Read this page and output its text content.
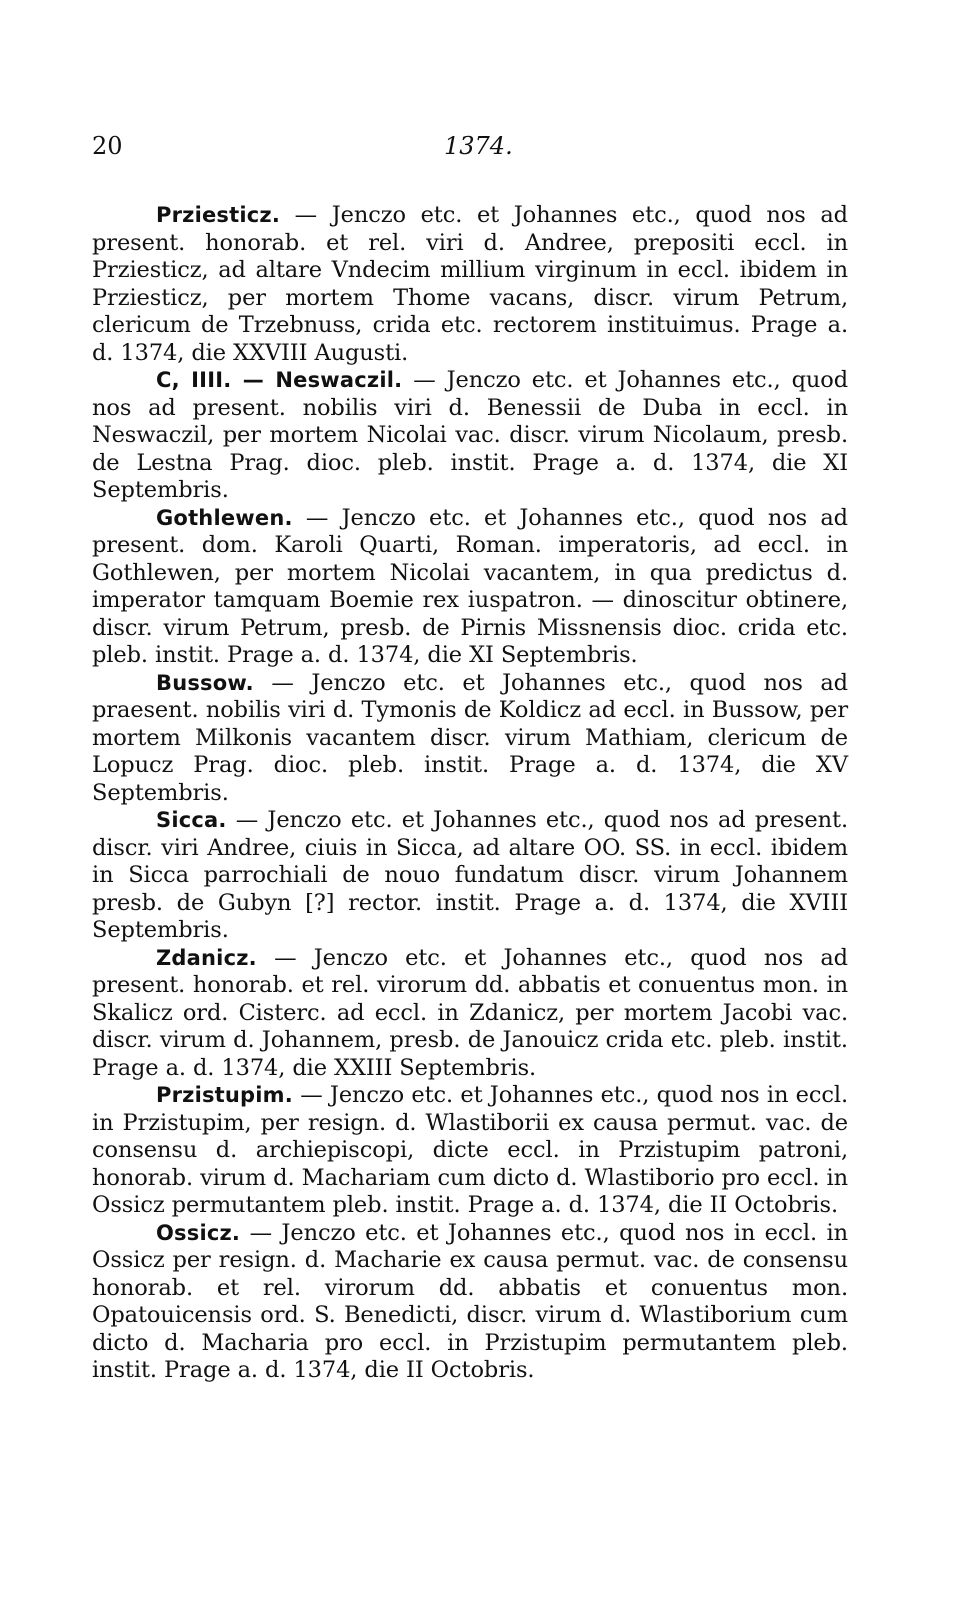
20	1374.

Prziesticz. — Jenczo etc. et Johannes etc., quod nos ad present. honorab. et rel. viri d. Andree, prepositi eccl. in Prziesticz, ad altare Vndecim millium virginum in eccl. ibidem in Prziesticz, per mortem Thome vacans, discr. virum Petrum, clericum de Trzebnuss, crida etc. rectorem instituimus. Prage a. d. 1374, die XXVIII Augusti.

C, IIII. — Neswaczil. — Jenczo etc. et Johannes etc., quod nos ad present. nobilis viri d. Benessii de Duba in eccl. in Neswaczil, per mortem Nicolai vac. discr. virum Nicolaum, presb. de Lestna Prag. dioc. pleb. instit. Prage a. d. 1374, die XI Septembris.

Gothlewen. — Jenczo etc. et Johannes etc., quod nos ad present. dom. Karoli Quarti, Roman. imperatoris, ad eccl. in Gothlewen, per mortem Nicolai vacantem, in qua predictus d. imperator tamquam Boemie rex iuspatron. — dinoscitur obtinere, discr. virum Petrum, presb. de Pirnis Missnensis dioc. crida etc. pleb. instit. Prage a. d. 1374, die XI Septembris.

Bussow. — Jenczo etc. et Johannes etc., quod nos ad praesent. nobilis viri d. Tymonis de Koldicz ad eccl. in Bussow, per mortem Milkonis vacantem discr. virum Mathiam, clericum de Lopucz Prag. dioc. pleb. instit. Prage a. d. 1374, die XV Septembris.

Sicca. — Jenczo etc. et Johannes etc., quod nos ad present. discr. viri Andree, ciuis in Sicca, ad altare OO. SS. in eccl. ibidem in Sicca parrochiali de nouo fundatum discr. virum Johannem presb. de Gubyn [?] rector. instit. Prage a. d. 1374, die XVIII Septembris.

Zdanicz. — Jenczo etc. et Johannes etc., quod nos ad present. honorab. et rel. virorum dd. abbatis et conuentus mon. in Skalicz ord. Cisterc. ad eccl. in Zdanicz, per mortem Jacobi vac. discr. virum d. Johannem, presb. de Janouicz crida etc. pleb. instit. Prage a. d. 1374, die XXIII Septembris.

Przistupim. — Jenczo etc. et Johannes etc., quod nos in eccl. in Przistupim, per resign. d. Wlastiborii ex causa permut. vac. de consensu d. archiepiscopi, dicte eccl. in Przistupim patroni, honorab. virum d. Machariam cum dicto d. Wlastiborio pro eccl. in Ossicz permutantem pleb. instit. Prage a. d. 1374, die II Octobris.

Ossicz. — Jenczo etc. et Johannes etc., quod nos in eccl. in Ossicz per resign. d. Macharie ex causa permut. vac. de consensu honorab. et rel. virorum dd. abbatis et conuentus mon. Opatouicensis ord. S. Benedicti, discr. virum d. Wlastiborium cum dicto d. Macharia pro eccl. in Przistupim permutantem pleb. instit. Prage a. d. 1374, die II Octobris.
